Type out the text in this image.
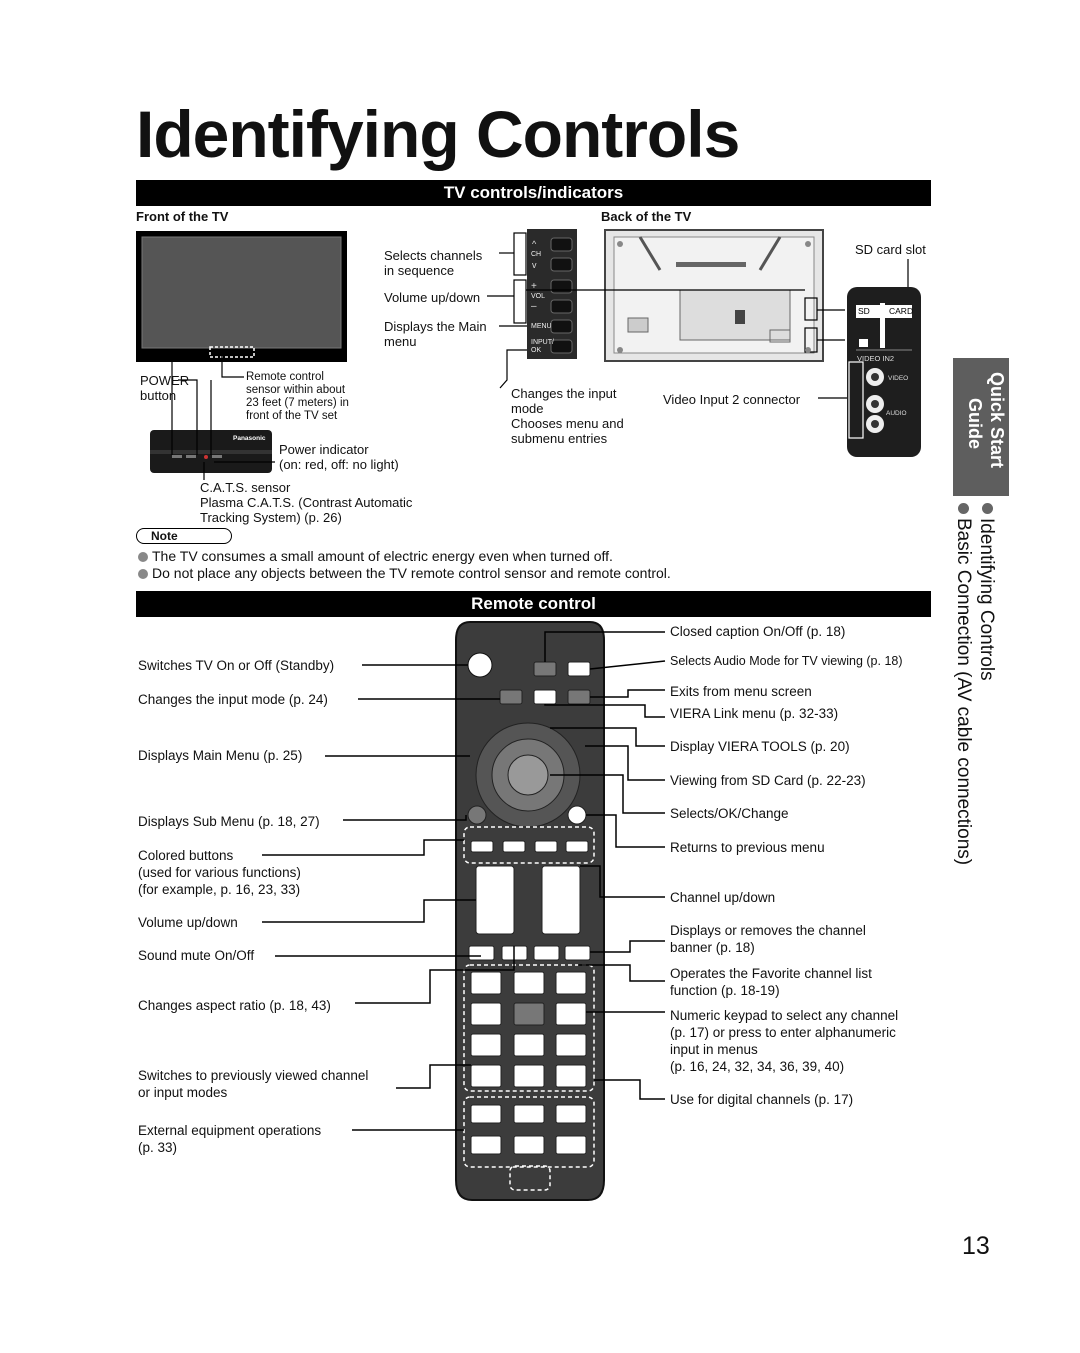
Identifying Controls
TV controls/indicators
Front of the TV	Back of the TV
Panasonic
^
v
+
–	SD CARD
VIDEO IN2
VIDEO
AUDIO
Selects channels
in sequence
Volume up/down
Displays the Main
menu
CH
VOL
MENU
INPUT/
OK
POWER
button
Remote control
sensor within about
23 feet (7 meters) in
front of the TV set
Power indicator
(on: red, off: no light)
C.A.T.S. sensor
Plasma C.A.T.S. (Contrast Automatic
Tracking System) (p. 26)
Changes the input
mode
Chooses menu and
submenu entries
SD card slot
Video Input 2 connector
Note
The TV consumes a small amount of electric energy even when turned off.
Do not place any objects between the TV remote control sensor and remote control.
Remote control
Switches TV On or Off (Standby)
Changes the input mode (p. 24)
Displays Main Menu (p. 25)
Displays Sub Menu (p. 18, 27)
Colored buttons
(used for various functions)
(for example, p. 16, 23, 33)
Volume up/down
Sound mute On/Off
Changes aspect ratio (p. 18, 43)
Switches to previously viewed channel
or input modes
External equipment operations
(p. 33)
Closed caption On/Off (p. 18)
Selects Audio Mode for TV viewing (p. 18)
Exits from menu screen
VIERA Link menu (p. 32-33)
Display VIERA TOOLS (p. 20)
Viewing from SD Card (p. 22-23)
Selects/OK/Change
Returns to previous menu
Channel up/down
Displays or removes the channel
banner (p. 18)
Operates the Favorite channel list
function (p. 18-19)
Numeric keypad to select any channel
(p. 17) or press to enter alphanumeric
input in menus
(p. 16, 24, 32, 34, 36, 39, 40)
Use for digital channels (p. 17)
Quick Start
Guide
Identifying Controls
Basic Connection (AV cable connections)
13
